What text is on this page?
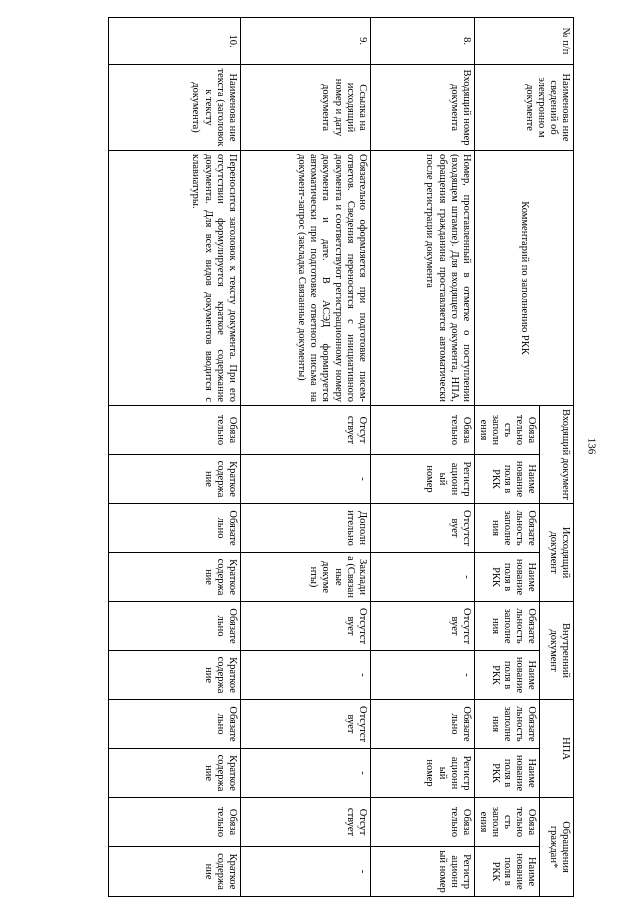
136
№ п/п	Наименова ние сведений об электронно м документе	Комментарий по заполнению РКК	Входящий документ		Исходящий документ		Внутренний документ		НПА		Обращения граждан*	
			Обяза тельно сть заполн ения	Наиме нование поля в РКК	Обязате льность заполне ния	Наиме нование поля в РКК	Обязате льность заполне ния	Наиме нование поля в РКК	Обязате льность заполне ния	Наиме нование поля в РКК	Обяза тельно сть заполн ения	Наиме нование поля в РКК
8.	Входящий номер документа	Номер, проставленный в отметке о поступлении (входящем штампе). Для входящего документа, НПА, обращения гражданина проставляется автоматически после регистрации документа	Обяза тельно	Регистр ационн ый номер	Отсутст вует	-	Отсутст вует	-	Обязате льно	Регистр ационн ый номер	Обяза тельно	Регистр ационн ый номер
9.	Ссылка на исходящий номер и дату документа	Обязательно оформляется при подготовке писем-ответов. Сведения переносятся с инициативного документа и соответствуют регистрационному номеру документа и дате. В АСЭД формируется автоматически при подготовке ответного письма на документ-запрос (закладка Связанные документы)	Отсут ствует	-	Дополн ительно	Заклади а (Связан ные докуме нты)	Отсутст вует	-	Отсутст вует	-	Отсут ствует	-
10.	Наименова ние текста (заголовок к тексту документа)	Переносится заголовок к тексту документа. При его отсутствии формулируется краткое содержание документа. Для всех видов документов вводится с клавиатуры.	Обяза тельно	Краткое содержа ние	Обязате льно	Краткое содержа ние	Обязате льно	Краткое содержа ние	Обязате льно	Краткое содержа ние	Обяза тельно	Краткое содержа ние
